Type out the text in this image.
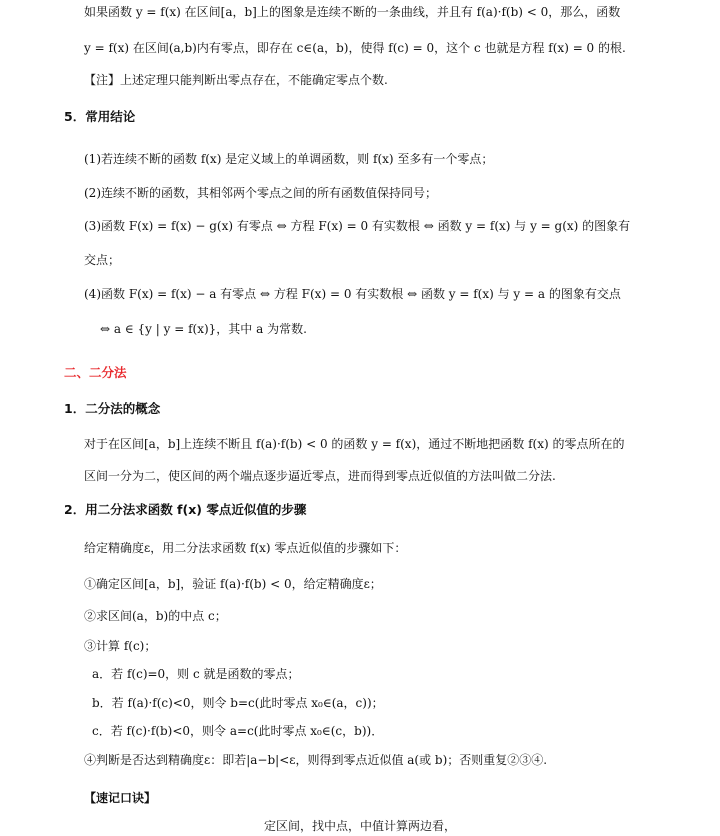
如果函数 y = f(x) 在区间[a，b]上的图象是连续不断的一条曲线，并且有 f(a)·f(b) < 0，那么，函数
y = f(x) 在区间(a,b)内有零点，即存在 c∈(a，b)，使得 f(c) = 0，这个 c 也就是方程 f(x) = 0 的根.
【注】上述定理只能判断出零点存在，不能确定零点个数.
5．常用结论
(1)若连续不断的函数 f(x) 是定义域上的单调函数，则 f(x) 至多有一个零点；
(2)连续不断的函数，其相邻两个零点之间的所有函数值保持同号；
(3)函数 F(x) = f(x) − g(x) 有零点 ⇔ 方程 F(x) = 0 有实数根 ⇔ 函数 y = f(x) 与 y = g(x) 的图象有
交点；
(4)函数 F(x) = f(x) − a 有零点 ⇔ 方程 F(x) = 0 有实数根 ⇔ 函数 y = f(x) 与 y = a 的图象有交点
⇔ a ∈ {y | y = f(x)}，其中 a 为常数.
二、二分法
1．二分法的概念
对于在区间[a，b]上连续不断且 f(a)·f(b) < 0 的函数 y = f(x)，通过不断地把函数 f(x) 的零点所在的
区间一分为二，使区间的两个端点逐步逼近零点，进而得到零点近似值的方法叫做二分法.
2．用二分法求函数 f(x) 零点近似值的步骤
给定精确度ε，用二分法求函数 f(x) 零点近似值的步骤如下：
①确定区间[a，b]，验证 f(a)·f(b) < 0，给定精确度ε；
②求区间(a，b)的中点 c；
③计算 f(c)；
a．若 f(c)=0，则 c 就是函数的零点；
b．若 f(a)·f(c)<0，则令 b=c(此时零点 x₀∈(a，c))；
c．若 f(c)·f(b)<0，则令 a=c(此时零点 x₀∈(c，b))．
④判断是否达到精确度ε：即若|a−b|<ε，则得到零点近似值 a(或 b)；否则重复②③④.
【速记口诀】
定区间，找中点，中值计算两边看，
